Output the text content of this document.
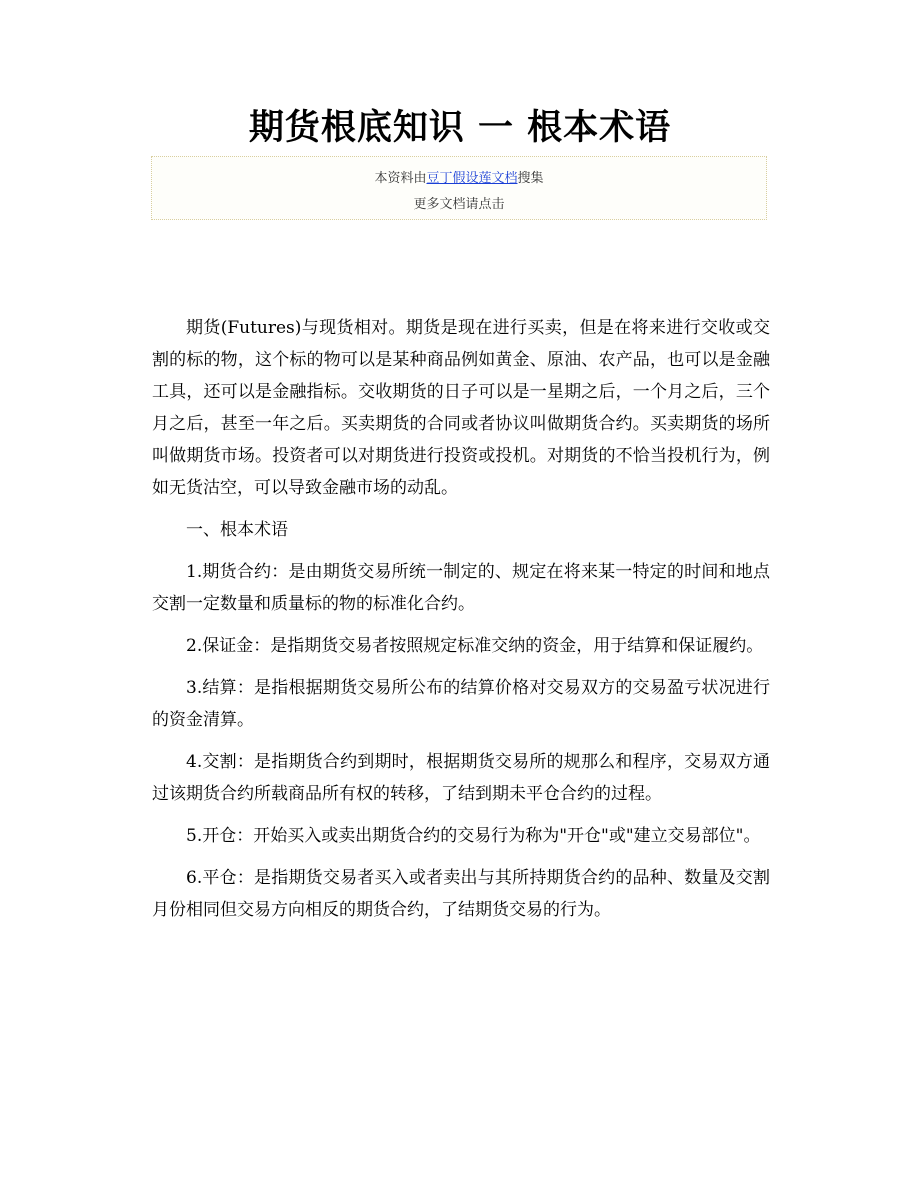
期货根底知识 一 根本术语
本资料由豆丁假设莲文档搜集
更多文档请点击

期货(Futures)与现货相对。期货是现在进行买卖，但是在将来进行交收或交割的标的物，这个标的物可以是某种商品例如黄金、原油、农产品，也可以是金融工具，还可以是金融指标。交收期货的日子可以是一星期之后，一个月之后，三个月之后，甚至一年之后。买卖期货的合同或者协议叫做期货合约。买卖期货的场所叫做期货市场。投资者可以对期货进行投资或投机。对期货的不恰当投机行为，例如无货沽空，可以导致金融市场的动乱。

一、根本术语

1.期货合约：是由期货交易所统一制定的、规定在将来某一特定的时间和地点交割一定数量和质量标的物的标准化合约。

2.保证金：是指期货交易者按照规定标准交纳的资金，用于结算和保证履约。

3.结算：是指根据期货交易所公布的结算价格对交易双方的交易盈亏状况进行的资金清算。

4.交割：是指期货合约到期时，根据期货交易所的规那么和程序，交易双方通过该期货合约所载商品所有权的转移，了结到期未平仓合约的过程。

5.开仓：开始买入或卖出期货合约的交易行为称为"开仓"或"建立交易部位"。

6.平仓：是指期货交易者买入或者卖出与其所持期货合约的品种、数量及交割月份相同但交易方向相反的期货合约，了结期货交易的行为。
